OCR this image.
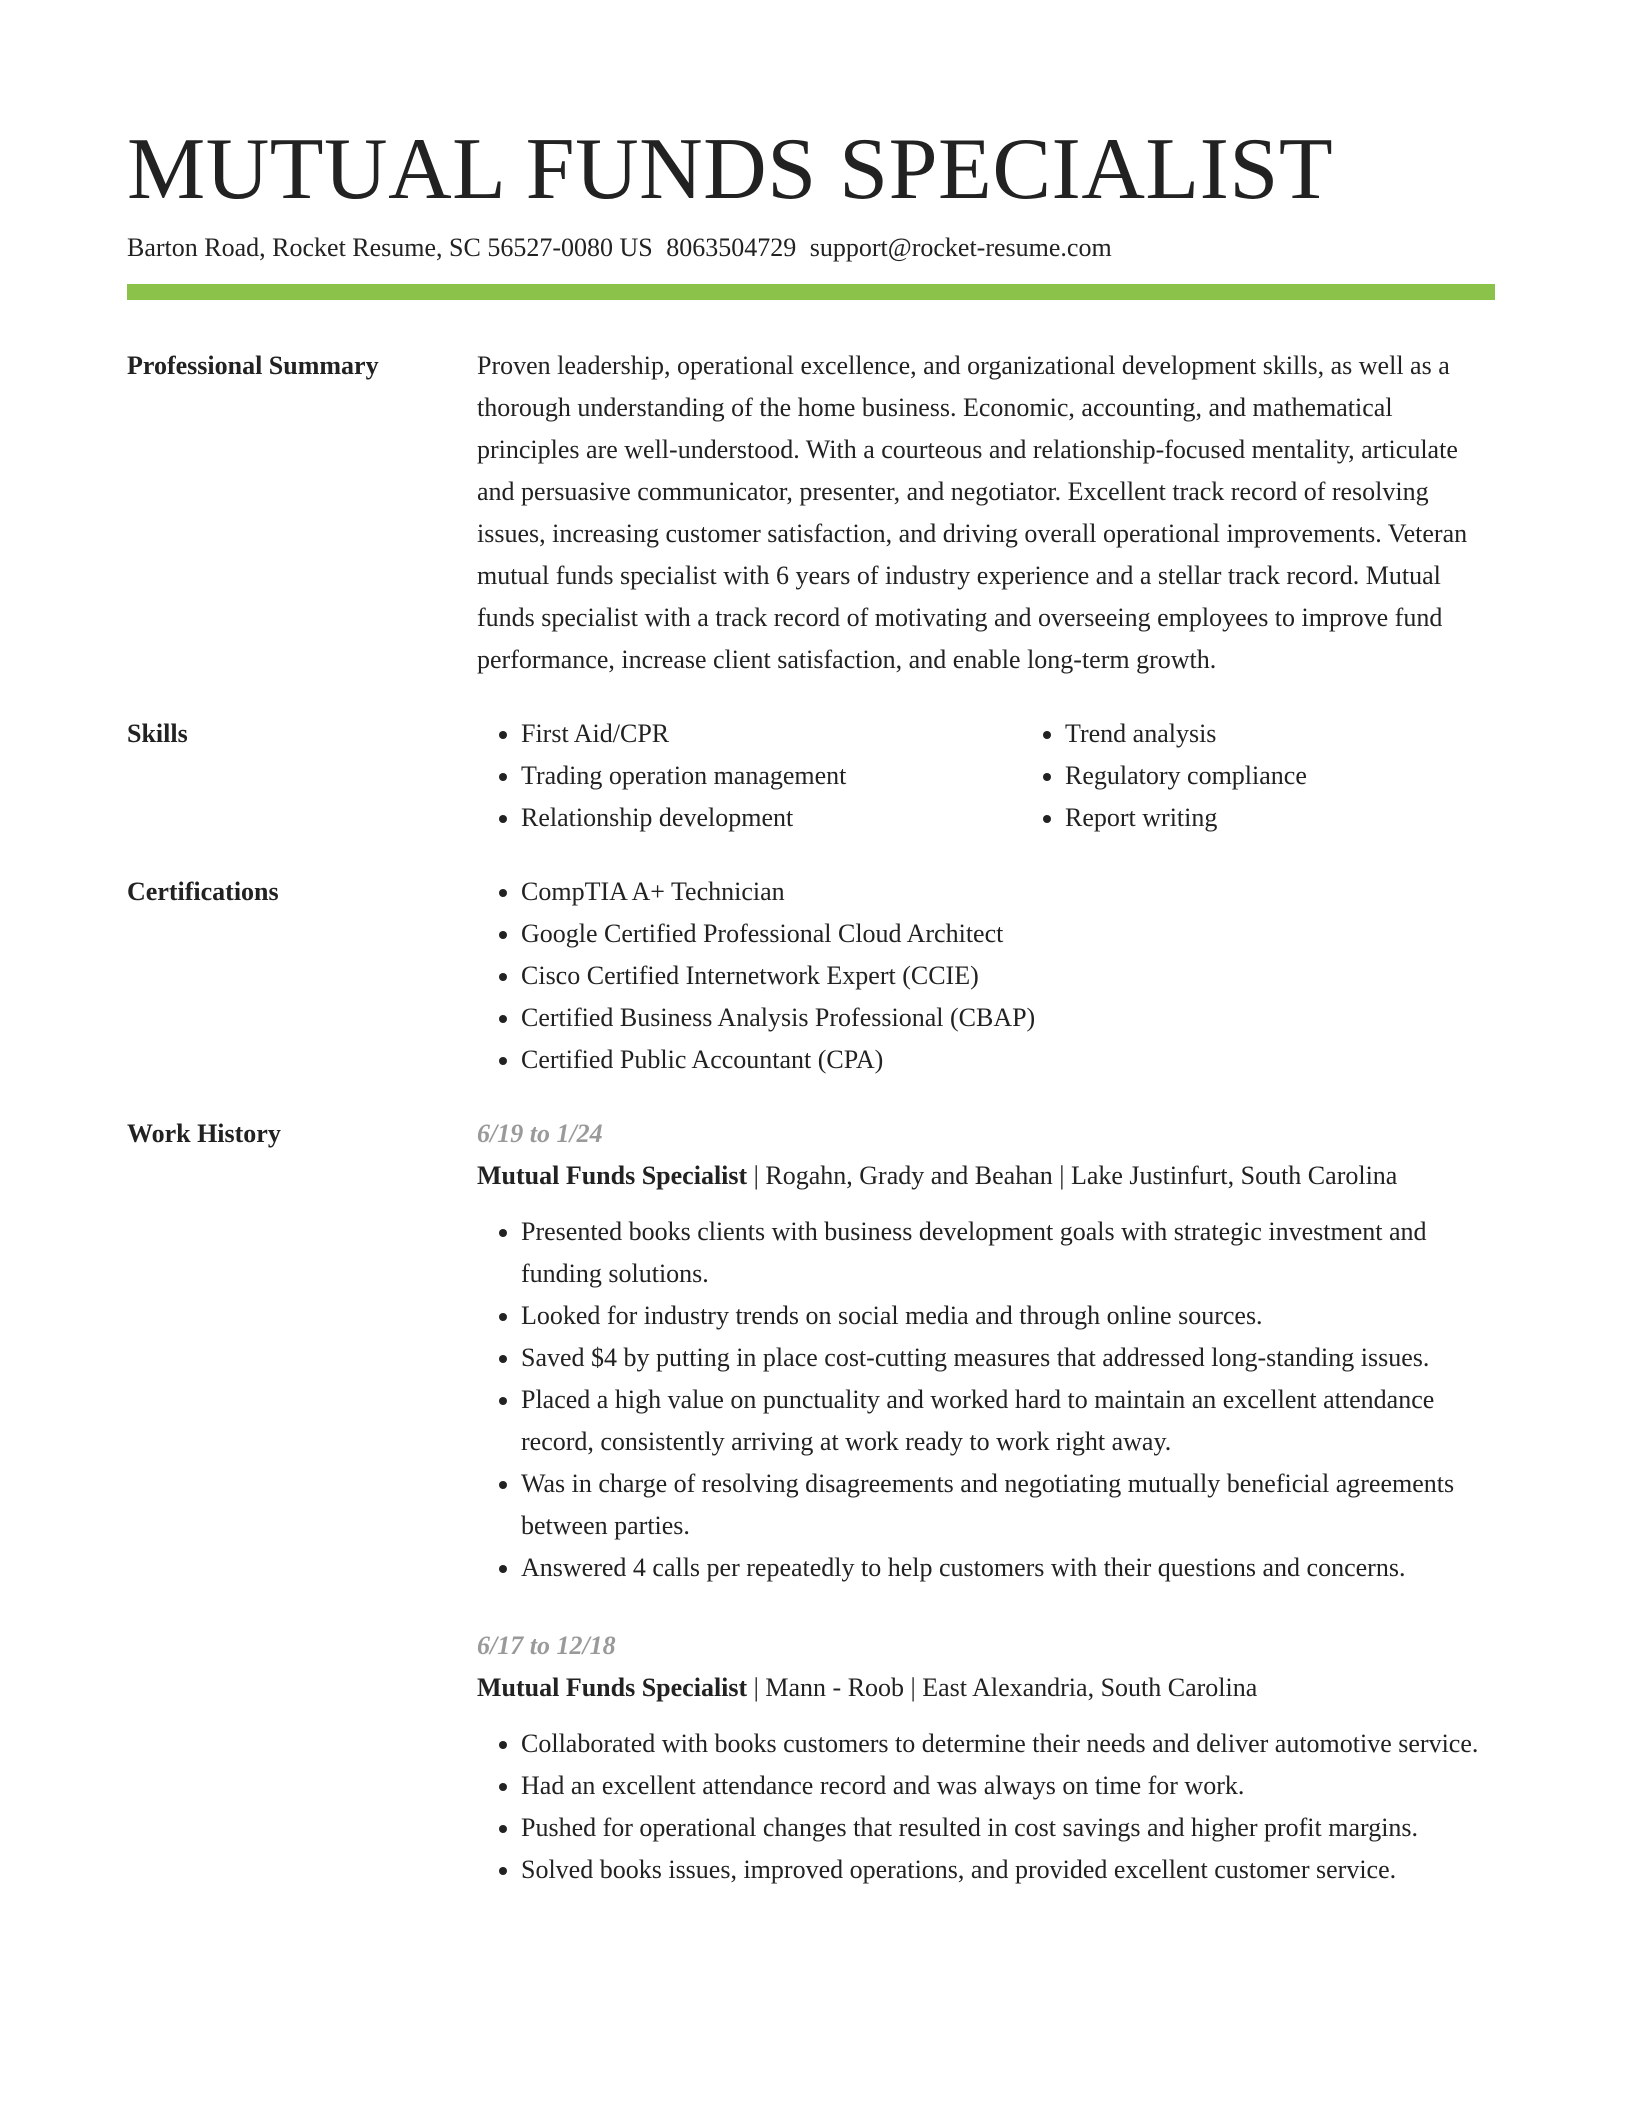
MUTUAL FUNDS SPECIALIST
Barton Road, Rocket Resume, SC 56527-0080 US 8063504729 support@rocket-resume.com
Professional Summary	Proven leadership, operational excellence, and organizational development skills, as well as a thorough understanding of the home business. Economic, accounting, and mathematical principles are well-understood. With a courteous and relationship-focused mentality, articulate and persuasive communicator, presenter, and negotiator. Excellent track record of resolving issues, increasing customer satisfaction, and driving overall operational improvements. Veteran mutual funds specialist with 6 years of industry experience and a stellar track record. Mutual funds specialist with a track record of motivating and overseeing employees to improve fund performance, increase client satisfaction, and enable long-term growth.

Skills	• First Aid/CPR
• Trading operation management
• Relationship development
• Trend analysis
• Regulatory compliance
• Report writing
Certifications	• CompTIA A+ Technician
• Google Certified Professional Cloud Architect
• Cisco Certified Internetwork Expert (CCIE)
• Certified Business Analysis Professional (CBAP)
• Certified Public Accountant (CPA)
Work History	6/19 to 1/24
Mutual Funds Specialist | Rogahn, Grady and Beahan | Lake Justinfurt, South Carolina
• Presented books clients with business development goals with strategic investment and funding solutions.
• Looked for industry trends on social media and through online sources.
• Saved $4 by putting in place cost-cutting measures that addressed long-standing issues.
• Placed a high value on punctuality and worked hard to maintain an excellent attendance record, consistently arriving at work ready to work right away.
• Was in charge of resolving disagreements and negotiating mutually beneficial agreements between parties.
• Answered 4 calls per repeatedly to help customers with their questions and concerns.
6/17 to 12/18
Mutual Funds Specialist | Mann - Roob | East Alexandria, South Carolina
• Collaborated with books customers to determine their needs and deliver automotive service.
• Had an excellent attendance record and was always on time for work.
• Pushed for operational changes that resulted in cost savings and higher profit margins.
• Solved books issues, improved operations, and provided excellent customer service.
